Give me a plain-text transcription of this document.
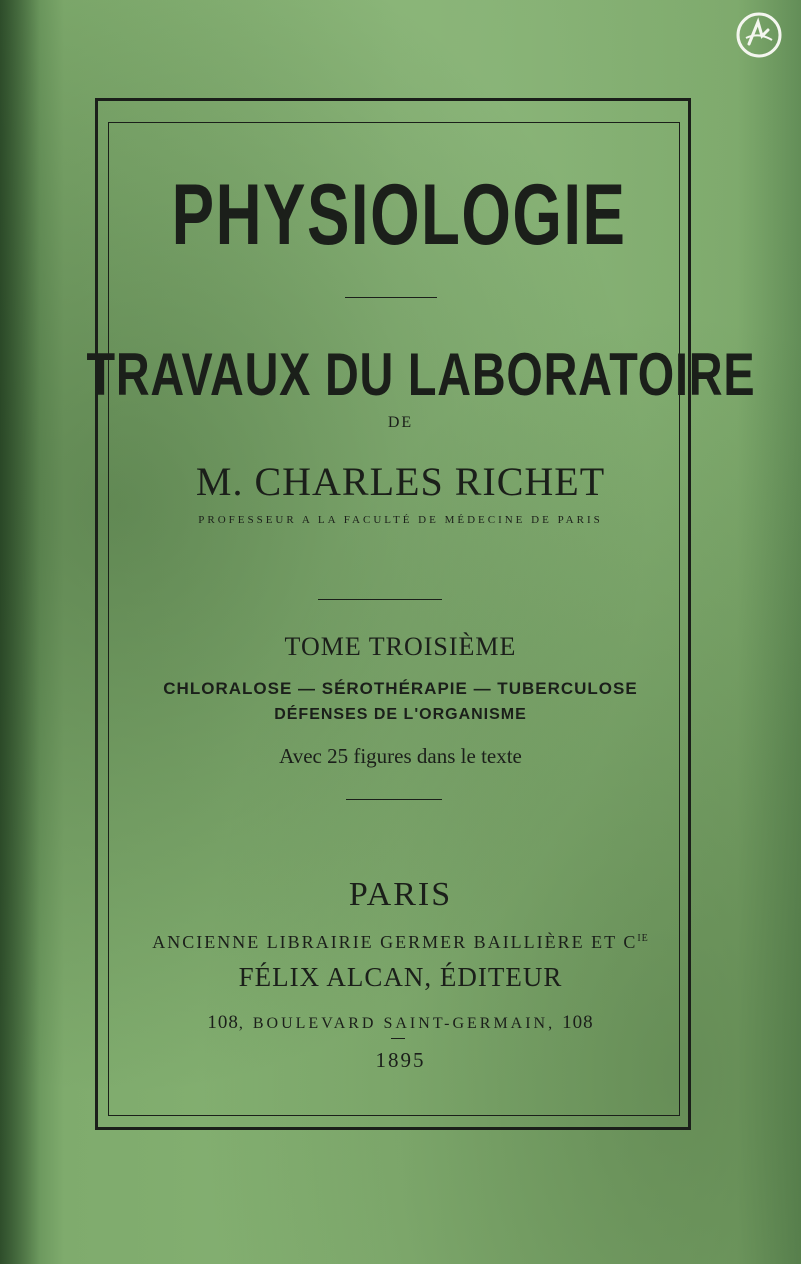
PHYSIOLOGIE
TRAVAUX DU LABORATOIRE
DE
M. CHARLES RICHET
PROFESSEUR A LA FACULTÉ DE MÉDECINE DE PARIS
TOME TROISIÈME
CHLORALOSE — SÉROTHÉRAPIE — TUBERCULOSE
DÉFENSES DE L'ORGANISME
Avec 25 figures dans le texte
PARIS
ANCIENNE LIBRAIRIE GERMER BAILLIÈRE ET $C^{IE}$
FÉLIX ALCAN, ÉDITEUR
108, BOULEVARD SAINT-GERMAIN, 108
1895
